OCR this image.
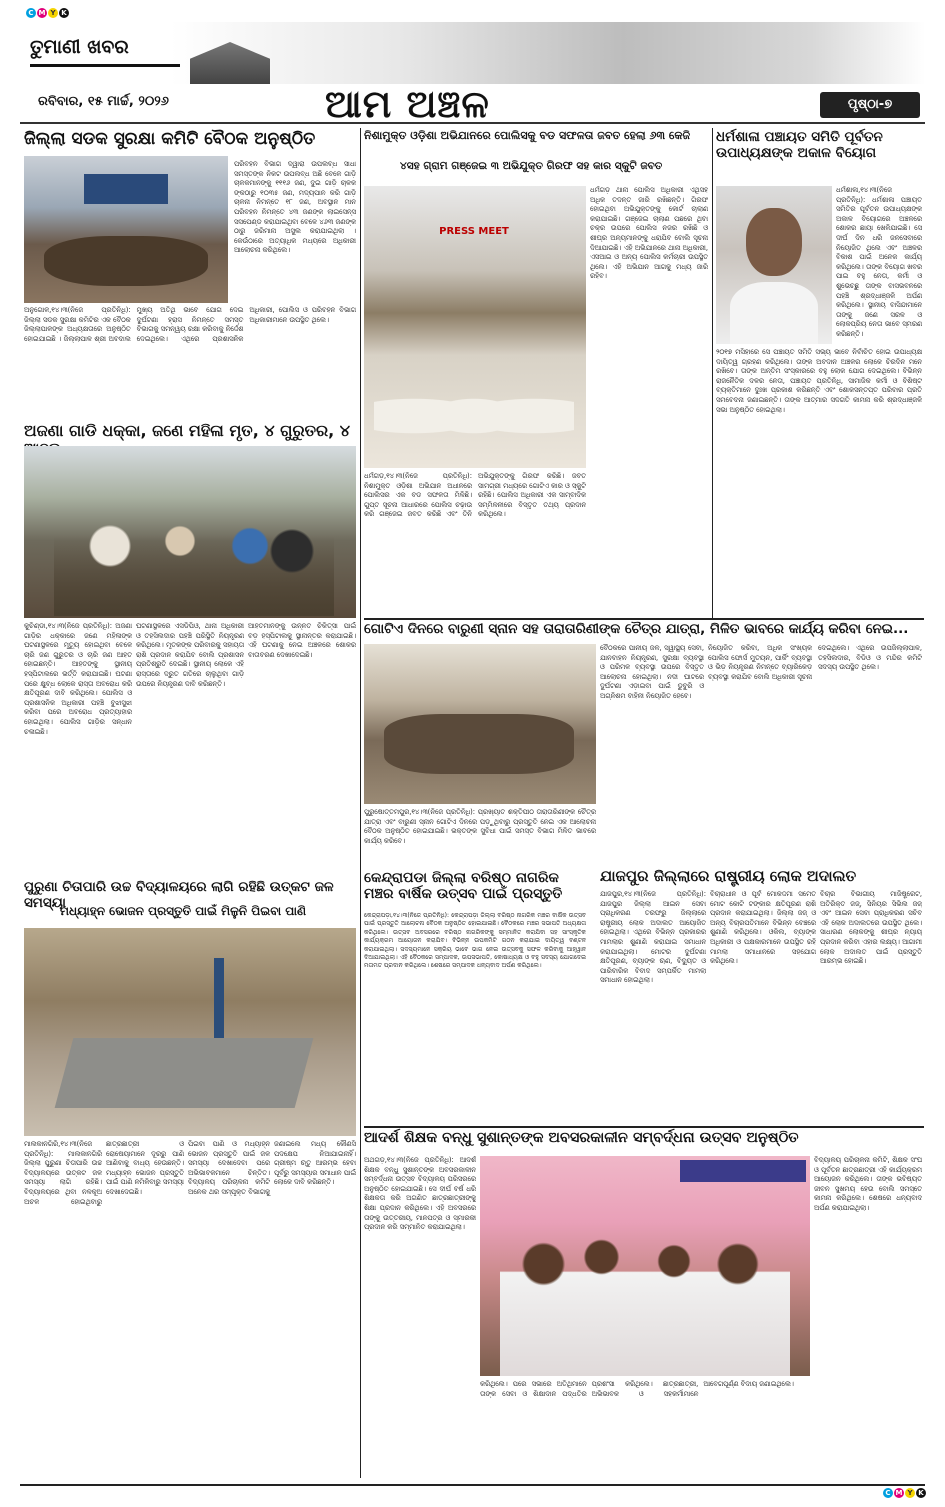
C M Y K
C M Y K
ତୁମାଣୀ ଖବର
ରବିବାର, ୧୫ ମାର୍ଚ୍ଚ, ୨୦୨୬	ଆମ ଅଞ୍ଚଳ	ପୃଷ୍ଠା-୭
ଜିଲ୍ଲା ସଡକ ସୁରକ୍ଷା କମିଟି ବୈଠକ ଅନୁଷ୍ଠିତ
ପରିବହନ ବିଭାଗ ଦ୍ୱାରା ଉପଲବ୍ଧ ସାଧା ସମସ୍ତଙ୍କ ନିକଟ ଉପଲବ୍ଧ ଅଛି ବେଳେ ଗାଡ଼ି ଚାଳକମାନଙ୍କୁ ୧୧୧୬ ଜଣ, ଦୁଇ ଗାଡ଼ି ଚାଳକ ଙ୍କଠାରୁ ୧୦୩୫ ଜଣ, ମଦ୍ୟପାନ କରି ଗାଡ଼ି ଚାଳନା ନିମନ୍ତେ ୧୮ ଜଣ, ଅବସ୍ଥାନ ମାନ ପରିବହନ ନିମନ୍ତେ ୪୩ ଜଣଙ୍କ ଲାଇସେନ୍ସ ସସପେଣ୍ଡ କରାଯାଇଥିବା ବେଳେ ୪୬୩ ଜଣଙ୍କ ଠାରୁ ଜରିମାନା ଅସୁଲ କରାଯାଇଥିଲା । କେଉଁଠାରେ ଅତ୍ୟାଧିକ ମଧ୍ୟରେ ଅଧିକାରୀ ଆଲୋଚନା କରିଥିଲେ।
ଅନୁଗୋଳ,୧୪।୩(ନିଜେ ପ୍ରତିନିଧି): ଜିଲ୍ଲା ସଡକ ସୁରକ୍ଷା କମିଟିର ଏକ ବୈଠକ ଜିଲ୍ଲାପାଳଙ୍କ ଅଧ୍ୟକ୍ଷତାରେ ଅନୁଷ୍ଠିତ ହୋଇଯାଇଛି । ଜିଲ୍ଲାପାଳ ଶ୍ରୀ ଅବଦାଲ ମୁଖ୍ୟ ଅତିଥି ଭାବେ ଯୋଗ ଦେଇ ଦୁର୍ଘଟଣା ହ୍ରାସ ନିମନ୍ତେ ସମସ୍ତ ବିଭାଗକୁ ସମନ୍ୱୟ ରକ୍ଷା କରିବାକୁ ନିର୍ଦ୍ଦେଶ ଦେଇଥିଲେ। ଏଥିରେ ପ୍ରଶାସନିକ ଅଧିକାରୀ, ପୋଲିସ ଓ ପରିବହନ ବିଭାଗ ଅଧିକାରୀମାନେ ଉପସ୍ଥିତ ଥିଲେ।
ଅଜଣା ଗାଡି ଧକ୍କା, ଜଣେ ମହିଳା ମୃତ, ୪ ଗୁରୁତର, ୪
କୁଚିଣ୍ଡା,୧୪।୩(ନିଜେ ପ୍ରତିନିଧି): ଅଜଣା ଗାଡ଼ିର ଧକ୍କାରେ ଜଣେ ମହିଳାଙ୍କ ଘଟଣାସ୍ଥଳରେ ମୃତ୍ୟୁ ହୋଇଥିବା ବେଳେ ଚାରି ଜଣ ଗୁରୁତର ଓ ଚାରି ଜଣ ଆହତ ହୋଇଛନ୍ତି। ଆହତଙ୍କୁ ସ୍ଥାନୀୟ ହସ୍ପିଟାଲରେ ଭର୍ତ୍ତି କରାଯାଇଛି। ଘଟଣା ପରେ କ୍ଷୁବ୍ଧ ଲୋକେ ରାସ୍ତା ଅବରୋଧ କରି କ୍ଷତିପୂରଣ ଦାବି କରିଥିଲେ। ପୋଲିସ ଓ ପ୍ରଶାସନିକ ଅଧିକାରୀ ପହଞ୍ଚି ବୁଝାସୁଝା କରିବା ପରେ ଅବରୋଧ ପ୍ରତ୍ୟାହାର ହୋଇଥିଲା। ପୋଲିସ ଗାଡ଼ିର ସନ୍ଧାନ ଚଳାଇଛି।
ଘଟଣାସ୍ଥଳରେ ଏସଡିପିଓ, ଥାନା ଅଧିକାରୀ ଓ ତହସିଲଦାର ପହଞ୍ଚି ପରିସ୍ଥିତି ନିୟନ୍ତ୍ରଣ କରିଥିଲେ। ମୃତକଙ୍କ ପରିବାରକୁ ସହାୟତା ରାଶି ପ୍ରଦାନ କରାଯିବ ବୋଲି ପ୍ରଶାସନ ପ୍ରତିଶ୍ରୁତି ଦେଇଛି। ସ୍ଥାନୀୟ ଲୋକେ ଏହି ରାସ୍ତାରେ ଦ୍ରୁତ ଗତିରେ ଚାଲୁଥିବା ଗାଡ଼ି ଉପରେ ନିୟନ୍ତ୍ରଣ ଦାବି କରିଛନ୍ତି।
ଆହତମାନଙ୍କୁ ଉନ୍ନତ ଚିକିତ୍ସା ପାଇଁ ବଡ଼ ହସ୍ପିଟାଲକୁ ସ୍ଥାନାନ୍ତର କରାଯାଇଛି। ଏହି ଘଟଣାକୁ ନେଇ ଅଞ୍ଚଳରେ ଶୋକର ବାତାବରଣ ଦେଖାଦେଇଛି।
ପୁରୁଣା ଚିତାପାରି ଉଚ୍ଚ ବିଦ୍ୟାଳୟରେ ଲାଗି ରହିଛି ଉତ୍କଟ ଜଳ ସମସ୍ୟା
ମଧ୍ୟାହ୍ନ ଭୋଜନ ପ୍ରସ୍ତୁତି ପାଇଁ ମିଳୁନି ପିଇବା ପାଣି
ମାଲକାନଗିରି,୧୪।୩(ନିଜେ ପ୍ରତିନିଧି): ମାଲକାନଗିରି ଜିଲ୍ଲା ପୁରୁଣା ଚିତାପାରି ଉଚ୍ଚ ବିଦ୍ୟାଳୟରେ ଉତ୍କଟ ଜଳ ସମସ୍ୟା ଲାଗି ରହିଛି। ବିଦ୍ୟାଳୟରେ ଥିବା ନଳକୂଅ ଅଚଳ ହୋଇଥିବାରୁ ଛାତ୍ରଛାତ୍ରୀ ଓ ରୋଷେୟାମାନେ ଦୂରରୁ ପାଣି ଆଣିବାକୁ ବାଧ୍ୟ ହେଉଛନ୍ତି। ମଧ୍ୟାହ୍ନ ଭୋଜନ ପ୍ରସ୍ତୁତି ପାଇଁ ପାଣି ନମିଳିବାରୁ ସମସ୍ୟା ଦେଖାଦେଇଛି।
ପିଇବା ପାଣି ଓ ମଧ୍ୟାହ୍ନ ଭୋଜନ ପ୍ରସ୍ତୁତି ପାଇଁ ଜଳ ସମସ୍ୟା ଦେଖାଦେବା ପରେ ଅଭିଭାବକମାନେ ଚିନ୍ତିତ। ବିଦ୍ୟାଳୟ ପରିଚାଳନା କମିଟି ଅନେକ ଥର ସମ୍ପୃକ୍ତ ବିଭାଗକୁ ଜଣାଇଲେ ମଧ୍ୟ କୌଣସି ପଦକ୍ଷେପ ନିଆଯାଇନାହିଁ। ଗ୍ରୀଷ୍ମ ଋତୁ ଆରମ୍ଭ ହେବା ପୂର୍ବରୁ ସମସ୍ୟାର ସମାଧାନ ପାଇଁ ଲୋକେ ଦାବି କରିଛନ୍ତି।
ନିଶାମୁକ୍ତ ଓଡ଼ିଶା ଅଭିଯାନରେ ପୋଲିସକୁ ବଡ ସଫଳତା ଜବତ ହେଲା ୬୩ କେଜି
୪ସହ ଗ୍ରାମ ଗଞ୍ଜେଇ ୩ ଅଭିଯୁକ୍ତ ଗିରଫ ସହ କାର ସ୍କୁଟି ଜବତ
PRESS MEET
ଧର୍ମଗଡ଼,୧୪।୩(ନିଜେ ପ୍ରତିନିଧି): ନିଶାମୁକ୍ତ ଓଡ଼ିଶା ଅଭିଯାନ ଅଧୀନରେ ପୋଲିସର ଏକ ବଡ ସଫଳତା ମିଳିଛି। ଗୁପ୍ତ ସୂଚନା ଆଧାରରେ ପୋଲିସ ଚଢ଼ାଉ କରି ଗଞ୍ଜେଇ ଜବତ କରିଛି ଏବଂ ତିନି ଅଭିଯୁକ୍ତଙ୍କୁ ଗିରଫ କରିଛି। ଜବତ ସାମଗ୍ରୀ ମଧ୍ୟରେ ଗୋଟିଏ କାର ଓ ସ୍କୁଟି ରହିଛି। ପୋଲିସ ଅଧିକାରୀ ଏକ ସାମ୍ବାଦିକ ସମ୍ମିଳନୀରେ ବିସ୍ତୃତ ତଥ୍ୟ ପ୍ରଦାନ କରିଥିଲେ।
ଧର୍ମଗଡ଼ ଥାନା ପୋଲିସ ଅଧିକାରୀ ଏଥିସହ ଅଧିକ ତଦନ୍ତ ଜାରି ରଖିଛନ୍ତି। ଗିରଫ ହୋଇଥିବା ଅଭିଯୁକ୍ତଙ୍କୁ କୋର୍ଟ ଚାଲାଣ କରାଯାଇଛି। ଗଞ୍ଜେଇ ଚାଲାଣ ପଛରେ ଥିବା ଚକ୍ର ଉପରେ ପୋଲିସ ନଜର ରଖିଛି ଓ ଶୀଘ୍ର ଅନ୍ୟମାନଙ୍କୁ ଧରାଯିବ ବୋଲି ସୂଚନା ଦିଆଯାଇଛି। ଏହି ଅଭିଯାନରେ ଥାନା ଅଧିକାରୀ, ଏସଆଇ ଓ ଅନ୍ୟ ପୋଲିସ କର୍ମଚାରୀ ଉପସ୍ଥିତ ଥିଲେ। ଏହି ଅଭିଯାନ ଆଗକୁ ମଧ୍ୟ ଜାରି ରହିବ।
ଧର୍ମଶାଳା ପଞ୍ଚାୟତ ସମିତି ପୂର୍ବତନ ଉପାଧ୍ୟକ୍ଷଙ୍କ ଅକାଳ ବିୟୋଗ
ଧର୍ମଶାଳା,୧୪।୩(ନିଜେ ପ୍ରତିନିଧି): ଧର୍ମଶାଳା ପଞ୍ଚାୟତ ସମିତିର ପୂର୍ବତନ ଉପାଧ୍ୟକ୍ଷଙ୍କ ଅକାଳ ବିୟୋଗରେ ଅଞ୍ଚଳରେ ଶୋକର ଛାୟା ଖେଳିଯାଇଛି। ସେ ଦୀର୍ଘ ଦିନ ଧରି ଜନସେବାରେ ନିୟୋଜିତ ଥିଲେ ଏବଂ ଅଞ୍ଚଳର ବିକାଶ ପାଇଁ ଅନେକ କାର୍ଯ୍ୟ କରିଥିଲେ। ତାଙ୍କ ବିୟୋଗ ଖବର ପାଇ ବହୁ ନେତା, କର୍ମୀ ଓ ଶୁଭେଚ୍ଛୁ ତାଙ୍କ ବାସଭବନରେ ପହଞ୍ଚି ଶ୍ରଦ୍ଧାଞ୍ଜଳି ଅର୍ପଣ କରିଥିଲେ। ସ୍ଥାନୀୟ ବାସିନ୍ଦାମାନେ ତାଙ୍କୁ ଜଣେ ସରଳ ଓ ଲୋକପ୍ରିୟ ନେତା ଭାବେ ସ୍ମରଣ କରିଛନ୍ତି।
୨୦୧୭ ମସିହାରେ ସେ ପଞ୍ଚାୟତ ସମିତି ସଭ୍ୟ ଭାବେ ନିର୍ବାଚିତ ହୋଇ ଉପାଧ୍ୟକ୍ଷ ଦାୟିତ୍ୱ ଗ୍ରହଣ କରିଥିଲେ। ତାଙ୍କ ଅବଦାନ ଅଞ୍ଚଳର ଲୋକେ ଚିରଦିନ ମନେ ରଖିବେ। ତାଙ୍କ ଅନ୍ତିମ ସଂସ୍କାରରେ ବହୁ ଲୋକ ଯୋଗ ଦେଇଥିଲେ। ବିଭିନ୍ନ ରାଜନୈତିକ ଦଳର ନେତା, ପଞ୍ଚାୟତ ପ୍ରତିନିଧି, ସାମାଜିକ କର୍ମୀ ଓ ବିଶିଷ୍ଟ ବ୍ୟକ୍ତିମାନେ ଦୁଃଖ ପ୍ରକାଶ କରିଛନ୍ତି ଏବଂ ଶୋକସନ୍ତପ୍ତ ପରିବାର ପ୍ରତି ସମବେଦନା ଜଣାଇଛନ୍ତି। ତାଙ୍କ ଆତ୍ମାର ସଦଗତି କାମନା କରି ଶ୍ରଦ୍ଧାଞ୍ଜଳି ସଭା ଅନୁଷ୍ଠିତ ହୋଇଥିଲା।
ଗୋଟିଏ ଦିନରେ ବାରୁଣୀ ସ୍ନାନ ସହ ତାରାତାରିଣୀଙ୍କ ଚୈତ୍ର ଯାତ୍ରା, ମିଳିତ ଭାବରେ କାର୍ଯ୍ୟ କରିବା ନେଇ...
ପୁରୁଷୋତ୍ତମପୁର,୧୪।୩(ନିଜେ ପ୍ରତିନିଧି): ପ୍ରଖ୍ୟାତ ଶକ୍ତିପୀଠ ତାରାତାରିଣୀଙ୍କ ଚୈତ୍ର ଯାତ୍ରା ଏବଂ ବାରୁଣୀ ସ୍ନାନ ଗୋଟିଏ ଦିନରେ ପଡ଼ୁଥିବାରୁ ପ୍ରସ୍ତୁତି ନେଇ ଏକ ଆଲୋଚନା ବୈଠକ ଅନୁଷ୍ଠିତ ହୋଇଯାଇଛି। ଭକ୍ତଙ୍କ ସୁବିଧା ପାଇଁ ସମସ୍ତ ବିଭାଗ ମିଳିତ ଭାବରେ କାର୍ଯ୍ୟ କରିବେ।
ବୈଠକରେ ପାନୀୟ ଜଳ, ସ୍ୱାସ୍ଥ୍ୟ ସେବା, ଯାନବାହନ ନିୟନ୍ତ୍ରଣ, ସୁରକ୍ଷା ବ୍ୟବସ୍ଥା ଓ ପରିମଳ ବ୍ୟବସ୍ଥା ଉପରେ ବିସ୍ତୃତ ଆଲୋଚନା ହୋଇଥିଲା। ନଦୀ ଘାଟରେ ଦୁର୍ଘଟଣା ଏଡ଼ାଇବା ପାଇଁ ଡୁବୁରି ଓ ଅଗ୍ନିଶମ ବାହିନୀ ନିୟୋଜିତ ହେବେ।
ନିୟୋଜିତ କରିବା, ଅଧିକ ସଂଖ୍ୟକ ପୋଲିସ ଫୋର୍ସ ମୁତୟନ, ପାର୍କିଂ ବ୍ୟବସ୍ଥା ଓ ଭିଡ଼ ନିୟନ୍ତ୍ରଣ ନିମନ୍ତେ ବ୍ୟାରିକେଡ଼ ବ୍ୟବସ୍ଥା କରାଯିବ ବୋଲି ଅଧିକାରୀ ସୂଚନା ଦେଇଥିଲେ। ଏଥିରେ ଉପଜିଲ୍ଲାପାଳ, ତହସିଲଦାର, ବିଡିଓ ଓ ମନ୍ଦିର କମିଟି ସଦସ୍ୟ ଉପସ୍ଥିତ ଥିଲେ।
କେନ୍ଦ୍ରାପଡା ଜିଲ୍ଲା ବରିଷ୍ଠ ନାଗରିକ ମଞ୍ଚର ବାର୍ଷିକ ଉତ୍ସବ ପାଇଁ ପ୍ରସ୍ତୁତି
କେନ୍ଦ୍ରାପଡ଼ା,୧୪।୩(ନିଜେ ପ୍ରତିନିଧି): କେନ୍ଦ୍ରାପଡ଼ା ଜିଲ୍ଲା ବରିଷ୍ଠ ନାଗରିକ ମଞ୍ଚର ବାର୍ଷିକ ଉତ୍ସବ ପାଇଁ ପ୍ରସ୍ତୁତି ଆଲୋଚନା ବୈଠକ ଅନୁଷ୍ଠିତ ହୋଇଯାଇଛି। ବୈଠକରେ ମଞ୍ଚର ସଭାପତି ଅଧ୍ୟକ୍ଷତା କରିଥିଲେ। ଉତ୍ସବ ଅବସରରେ ବରିଷ୍ଠ ନାଗରିକଙ୍କୁ ସମ୍ମାନିତ କରାଯିବା ସହ ସାଂସ୍କୃତିକ କାର୍ଯ୍ୟକ୍ରମ ଆୟୋଜନ କରାଯିବ। ବିଭିନ୍ନ ଉପକମିଟି ଗଠନ କରାଯାଇ ଦାୟିତ୍ୱ ବଣ୍ଟନ କରାଯାଇଥିଲା। ସଦସ୍ୟମାନେ ସକ୍ରିୟ ଭାବେ ଭାଗ ନେଇ ଉତ୍ସବକୁ ସଫଳ କରିବାକୁ ଆହ୍ୱାନ ଦିଆଯାଇଥିଲା। ଏହି ବୈଠକରେ ସମ୍ପାଦକ, ଉପସଭାପତି, କୋଷାଧ୍ୟକ୍ଷ ଓ ବହୁ ସଦସ୍ୟ ଯୋଗଦେଇ ମତାମତ ପ୍ରଦାନ କରିଥିଲେ। ଶେଷରେ ସମ୍ପାଦକ ଧନ୍ୟବାଦ ଅର୍ପଣ କରିଥିଲେ।
ଯାଜପୁର ଜିଲ୍ଲାରେ ରାଷ୍ଟ୍ରୀୟ ଲୋକ ଅଦାଲତ
ଯାଜପୁର,୧୪।୩(ନିଜେ ପ୍ରତିନିଧି): ଯାଜପୁର ଜିଲ୍ଲା ଆଇନ ସେବା ପ୍ରାଧିକରଣ ତରଫରୁ ଜିଲ୍ଲାରେ ରାଷ୍ଟ୍ରୀୟ ଲୋକ ଅଦାଲତ ଆୟୋଜିତ ହୋଇଥିଲା। ଏଥିରେ ବିଭିନ୍ନ ପ୍ରକାରର ମାମଲାର ଶୁଣାଣି କରାଯାଇ ସମାଧାନ କରାଯାଇଥିଲା। ମୋଟର ଦୁର୍ଘଟଣା କ୍ଷତିପୂରଣ, ବ୍ୟାଙ୍କ ଋଣ, ବିଦ୍ୟୁତ ଓ ପାରିବାରିକ ବିବାଦ ସମ୍ପର୍କିତ ମାମଲା ସମାଧାନ ହୋଇଥିଲା।
ବିଚାରାଧୀନ ଓ ପୂର୍ବ ମୋକଦ୍ଦମା ସମେତ ମୋଟ କୋଟି ଟଙ୍କାର କ୍ଷତିପୂରଣ ରାଶି ପ୍ରଦାନ କରାଯାଇଥିଲା। ଜିଲ୍ଲା ଜଜ୍ ଓ ଅନ୍ୟ ବିଚାରପତିମାନେ ବିଭିନ୍ନ ବେଞ୍ଚରେ ଶୁଣାଣି କରିଥିଲେ। ଓକିଲ, ବ୍ୟାଙ୍କ ଅଧିକାରୀ ଓ ପକ୍ଷକାରମାନେ ଉପସ୍ଥିତ ରହି ମାମଲା ସମାଧାନରେ ସହଯୋଗ କରିଥିଲେ।
ବିଚାର ବିଭାଗୀୟ ମାଜିଷ୍ଟ୍ରେଟ, ଅତିରିକ୍ତ ଜଜ୍, ସିନିୟର ସିଭିଲ ଜଜ୍ ଏବଂ ଆଇନ ସେବା ପ୍ରାଧିକରଣ ସଚିବ ଏହି ଲୋକ ଅଦାଲତରେ ଉପସ୍ଥିତ ଥିଲେ। ସାଧାରଣ ଲୋକଙ୍କୁ ଶୀଘ୍ର ନ୍ୟାୟ ପ୍ରଦାନ କରିବା ଏହାର ଲକ୍ଷ୍ୟ। ଆଗାମୀ ଲୋକ ଅଦାଲତ ପାଇଁ ପ୍ରସ୍ତୁତି ଆରମ୍ଭ ହୋଇଛି।
ଆଦର୍ଶ ଶିକ୍ଷକ ବନ୍ଧୁ ସୁଶାନ୍ତଙ୍କ ଅବସରକାଳୀନ ସମ୍ବର୍ଦ୍ଧନା ଉତ୍ସବ ଅନୁଷ୍ଠିତ
ଅଥଗଡ଼,୧୪।୩(ନିଜେ ପ୍ରତିନିଧି): ଆଦର୍ଶ ଶିକ୍ଷକ ବନ୍ଧୁ ସୁଶାନ୍ତଙ୍କ ଅବସରକାଳୀନ ସମ୍ବର୍ଦ୍ଧନା ଉତ୍ସବ ବିଦ୍ୟାଳୟ ପରିସରରେ ଅନୁଷ୍ଠିତ ହୋଇଯାଇଛି। ସେ ଦୀର୍ଘ ବର୍ଷ ଧରି ଶିକ୍ଷକତା କରି ଅଗଣିତ ଛାତ୍ରଛାତ୍ରୀଙ୍କୁ ଶିକ୍ଷା ପ୍ରଦାନ କରିଥିଲେ। ଏହି ଅବସରରେ ତାଙ୍କୁ ଉତ୍ତରୀୟ, ମାନପତ୍ର ଓ ସ୍ମାରକୀ ପ୍ରଦାନ କରି ସମ୍ମାନିତ କରାଯାଇଥିଲା।
କରିଥିଲେ। ପରେ ସଭାରେ ଅତିଥିମାନେ ତାଙ୍କ ସେବା ଓ ଶିକ୍ଷାଦାନ ପଦ୍ଧତିର ପ୍ରଶଂସା କରିଥିଲେ। ଛାତ୍ରଛାତ୍ରୀ, ଅଭିଭାବକ ଓ ସହକର୍ମୀମାନେ ଆବେଗପୂର୍ଣ୍ଣ ବିଦାୟ ଜଣାଇଥିଲେ।
ବିଦ୍ୟାଳୟ ପରିଚାଳନା କମିଟି, ଶିକ୍ଷକ ସଂଘ ଓ ପୂର୍ବତନ ଛାତ୍ରଛାତ୍ରୀ ଏହି କାର୍ଯ୍ୟକ୍ରମ ଆୟୋଜନ କରିଥିଲେ। ତାଙ୍କ ଭବିଷ୍ୟତ ଜୀବନ ସୁଖମୟ ହେଉ ବୋଲି ସମସ୍ତେ କାମନା କରିଥିଲେ। ଶେଷରେ ଧନ୍ୟବାଦ ଅର୍ପଣ କରାଯାଇଥିଲା।
